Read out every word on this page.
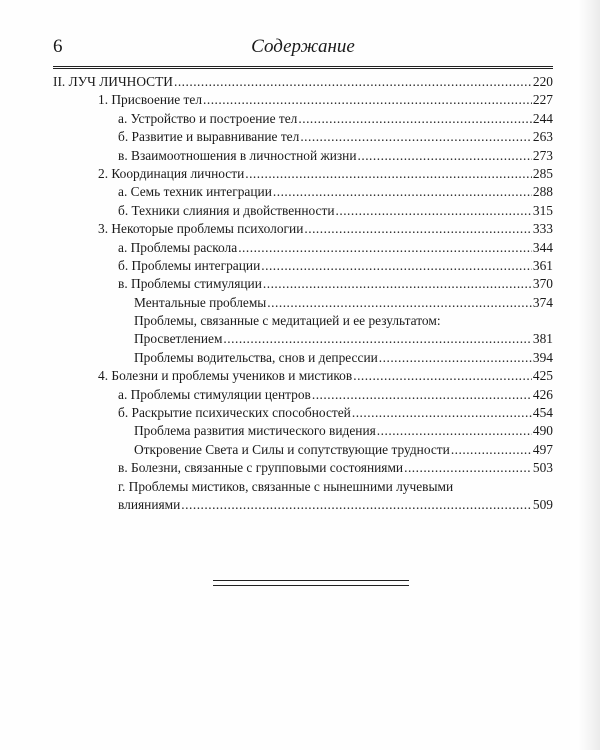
6	Содержание
II. ЛУЧ ЛИЧНОСТИ .....	220
1. Присвоение тел .....	227
а. Устройство и построение тел .....	244
б. Развитие и выравнивание тел .....	263
в. Взаимоотношения в личностной жизни .....	273
2. Координация личности .....	285
а. Семь техник интеграции .....	288
б. Техники слияния и двойственности .....	315
3. Некоторые проблемы психологии .....	333
а. Проблемы раскола .....	344
б. Проблемы интеграции .....	361
в. Проблемы стимуляции .....	370
Ментальные проблемы .....	374
Проблемы, связанные с медитацией и ее результатом:
Просветлением .....	381
Проблемы водительства, снов и депрессии .....	394
4. Болезни и проблемы учеников и мистиков .....	425
а. Проблемы стимуляции центров .....	426
б. Раскрытие психических способностей .....	454
Проблема развития мистического видения .....	490
Откровение Света и Силы и сопутствующие трудности .....	497
в. Болезни, связанные с групповыми состояниями .....	503
г. Проблемы мистиков, связанные с нынешними лучевыми
влияниями .....	509
